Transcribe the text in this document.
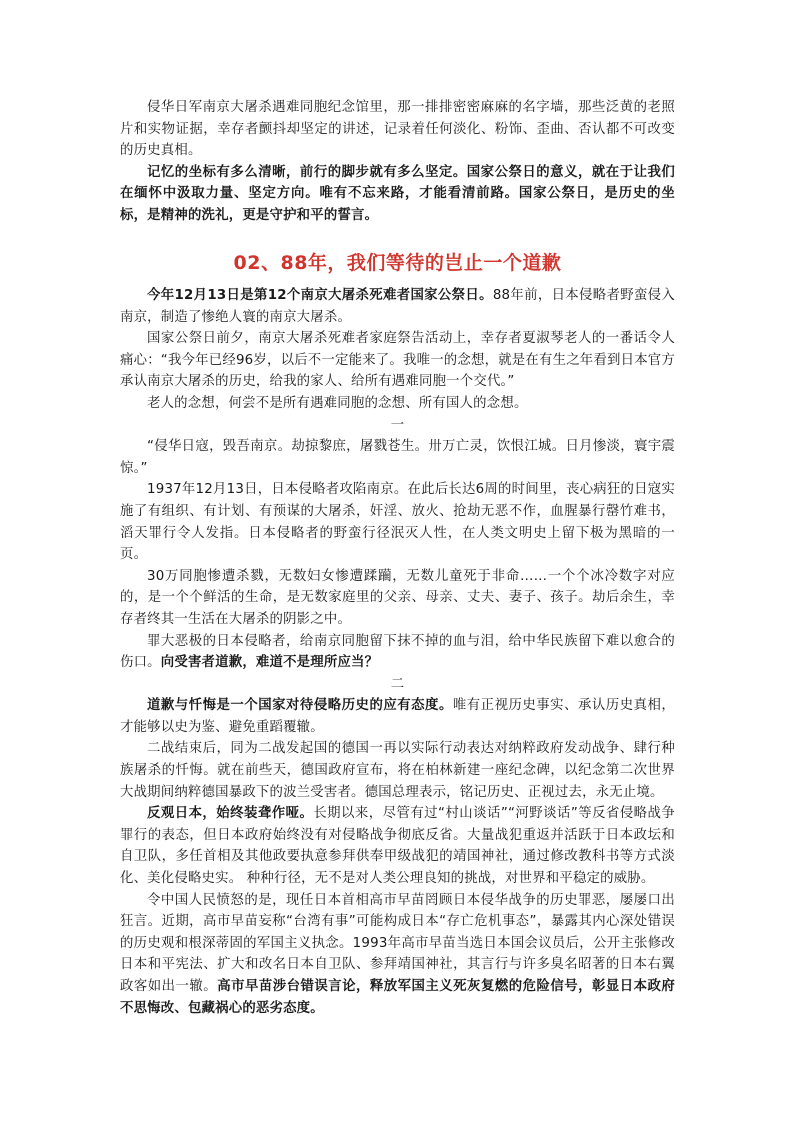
侵华日军南京大屠杀遇难同胞纪念馆里，那一排排密密麻麻的名字墙，那些泛黄的老照片和实物证据，幸存者颤抖却坚定的讲述，记录着任何淡化、粉饰、歪曲、否认都不可改变的历史真相。

记忆的坐标有多么清晰，前行的脚步就有多么坚定。国家公祭日的意义，就在于让我们在缅怀中汲取力量、坚定方向。唯有不忘来路，才能看清前路。国家公祭日，是历史的坐标，是精神的洗礼，更是守护和平的誓言。

02、88年，我们等待的岂止一个道歉

今年12月13日是第12个南京大屠杀死难者国家公祭日。88年前，日本侵略者野蛮侵入南京，制造了惨绝人寰的南京大屠杀。

国家公祭日前夕，南京大屠杀死难者家庭祭告活动上，幸存者夏淑琴老人的一番话令人痛心：“我今年已经96岁，以后不一定能来了。我唯一的念想，就是在有生之年看到日本官方承认南京大屠杀的历史，给我的家人、给所有遇难同胞一个交代。”

老人的念想，何尝不是所有遇难同胞的念想、所有国人的念想。

一

“侵华日寇，毁吾南京。劫掠黎庶，屠戮苍生。卅万亡灵，饮恨江城。日月惨淡，寰宇震惊。”

1937年12月13日，日本侵略者攻陷南京。在此后长达6周的时间里，丧心病狂的日寇实施了有组织、有计划、有预谋的大屠杀，奸淫、放火、抢劫无恶不作，血腥暴行罄竹难书，滔天罪行令人发指。日本侵略者的野蛮行径泯灭人性，在人类文明史上留下极为黑暗的一页。

30万同胞惨遭杀戮，无数妇女惨遭蹂躏，无数儿童死于非命……一个个冰冷数字对应的，是一个个鲜活的生命，是无数家庭里的父亲、母亲、丈夫、妻子、孩子。劫后余生，幸存者终其一生活在大屠杀的阴影之中。

罪大恶极的日本侵略者，给南京同胞留下抹不掉的血与泪，给中华民族留下难以愈合的伤口。向受害者道歉，难道不是理所应当？

二

道歉与忏悔是一个国家对待侵略历史的应有态度。唯有正视历史事实、承认历史真相，才能够以史为鉴、避免重蹈覆辙。

二战结束后，同为二战发起国的德国一再以实际行动表达对纳粹政府发动战争、肆行种族屠杀的忏悔。就在前些天，德国政府宣布，将在柏林新建一座纪念碑，以纪念第二次世界大战期间纳粹德国暴政下的波兰受害者。德国总理表示，铭记历史、正视过去，永无止境。

反观日本，始终装聋作哑。长期以来，尽管有过“村山谈话”“河野谈话”等反省侵略战争罪行的表态，但日本政府始终没有对侵略战争彻底反省。大量战犯重返并活跃于日本政坛和自卫队，多任首相及其他政要执意参拜供奉甲级战犯的靖国神社，通过修改教科书等方式淡化、美化侵略史实。 种种行径，无不是对人类公理良知的挑战，对世界和平稳定的威胁。

令中国人民愤怒的是，现任日本首相高市早苗罔顾日本侵华战争的历史罪恶，屡屡口出狂言。近期，高市早苗妄称“台湾有事”可能构成日本“存亡危机事态”，暴露其内心深处错误的历史观和根深蒂固的军国主义执念。1993年高市早苗当选日本国会议员后，公开主张修改日本和平宪法、扩大和改名日本自卫队、参拜靖国神社，其言行与许多臭名昭著的日本右翼政客如出一辙。高市早苗涉台错误言论，释放军国主义死灰复燃的危险信号，彰显日本政府不思悔改、包藏祸心的恶劣态度。
